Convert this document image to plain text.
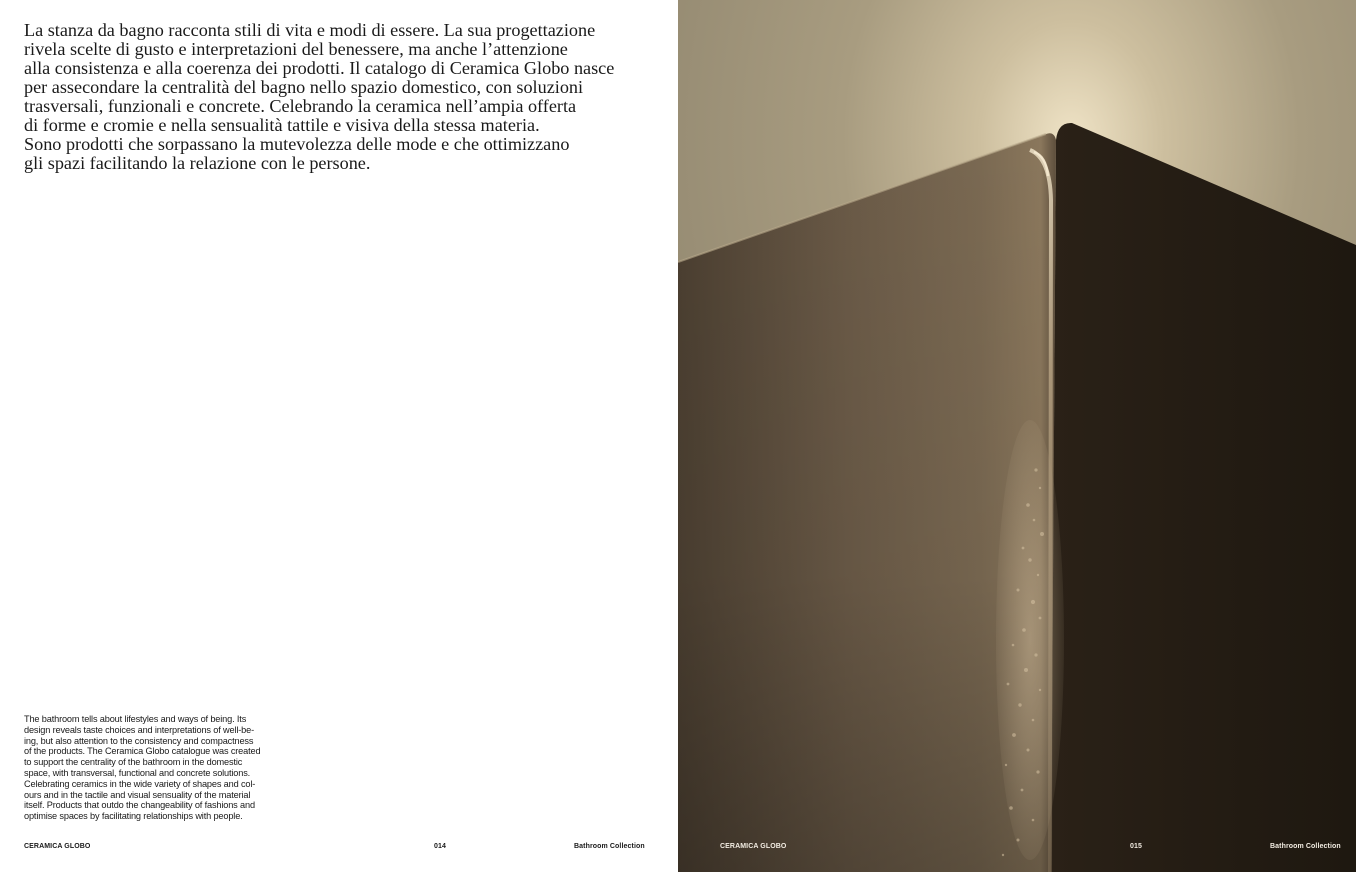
La stanza da bagno racconta stili di vita e modi di essere. La sua progettazione
rivela scelte di gusto e interpretazioni del benessere, ma anche l’attenzione
alla consistenza e alla coerenza dei prodotti. Il catalogo di Ceramica Globo nasce
per assecondare la centralità del bagno nello spazio domestico, con soluzioni
trasversali, funzionali e concrete. Celebrando la ceramica nell’ampia offerta
di forme e cromie e nella sensualità tattile e visiva della stessa materia.
Sono prodotti che sorpassano la mutevolezza delle mode e che ottimizzano
gli spazi facilitando la relazione con le persone.

The bathroom tells about lifestyles and ways of being. Its
design reveals taste choices and interpretations of well-be-
ing, but also attention to the consistency and compactness
of the products. The Ceramica Globo catalogue was created
to support the centrality of the bathroom in the domestic
space, with transversal, functional and concrete solutions.
Celebrating ceramics in the wide variety of shapes and col-
ours and in the tactile and visual sensuality of the material
itself. Products that outdo the changeability of fashions and
optimise spaces by facilitating relationships with people.

CERAMICA GLOBO	014	Bathroom Collection	CERAMICA GLOBO	015	Bathroom Collection
